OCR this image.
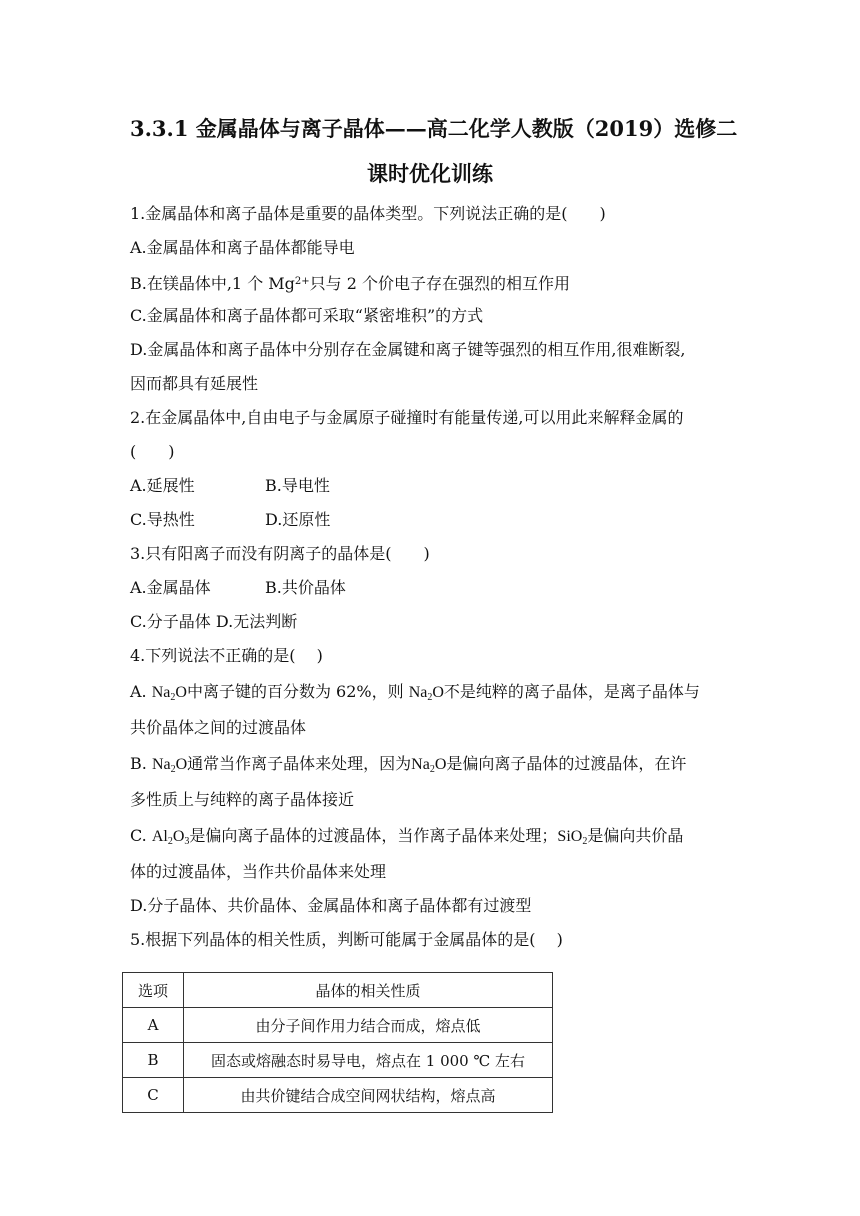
3.3.1 金属晶体与离子晶体——高二化学人教版（2019）选修二
课时优化训练
1.金属晶体和离子晶体是重要的晶体类型。下列说法正确的是(　　)
A.金属晶体和离子晶体都能导电
B.在镁晶体中,1 个 $Mg^{2+}$只与 2 个价电子存在强烈的相互作用
C.金属晶体和离子晶体都可采取“紧密堆积”的方式
D.金属晶体和离子晶体中分别存在金属键和离子键等强烈的相互作用,很难断裂,
因而都具有延展性
2.在金属晶体中,自由电子与金属原子碰撞时有能量传递,可以用此来解释金属的
(　　)
A.延展性	B.导电性
C.导热性	D.还原性
3.只有阳离子而没有阴离子的晶体是(　　)
A.金属晶体	B.共价晶体
C.分子晶体 D.无法判断
4.下列说法不正确的是(　 )
A. $Na_2O$中离子键的百分数为 62%，则 $Na_2O$不是纯粹的离子晶体，是离子晶体与
共价晶体之间的过渡晶体
B. $Na_2O$通常当作离子晶体来处理，因为$Na_2O$是偏向离子晶体的过渡晶体，在许
多性质上与纯粹的离子晶体接近
C. $Al_2O_3$是偏向离子晶体的过渡晶体，当作离子晶体来处理；SiO$_2$是偏向共价晶
体的过渡晶体，当作共价晶体来处理
D.分子晶体、共价晶体、金属晶体和离子晶体都有过渡型
5.根据下列晶体的相关性质，判断可能属于金属晶体的是(　 )
选项	晶体的相关性质
A	由分子间作用力结合而成，熔点低
B	固态或熔融态时易导电，熔点在 1 000 ℃ 左右
C	由共价键结合成空间网状结构，熔点高
